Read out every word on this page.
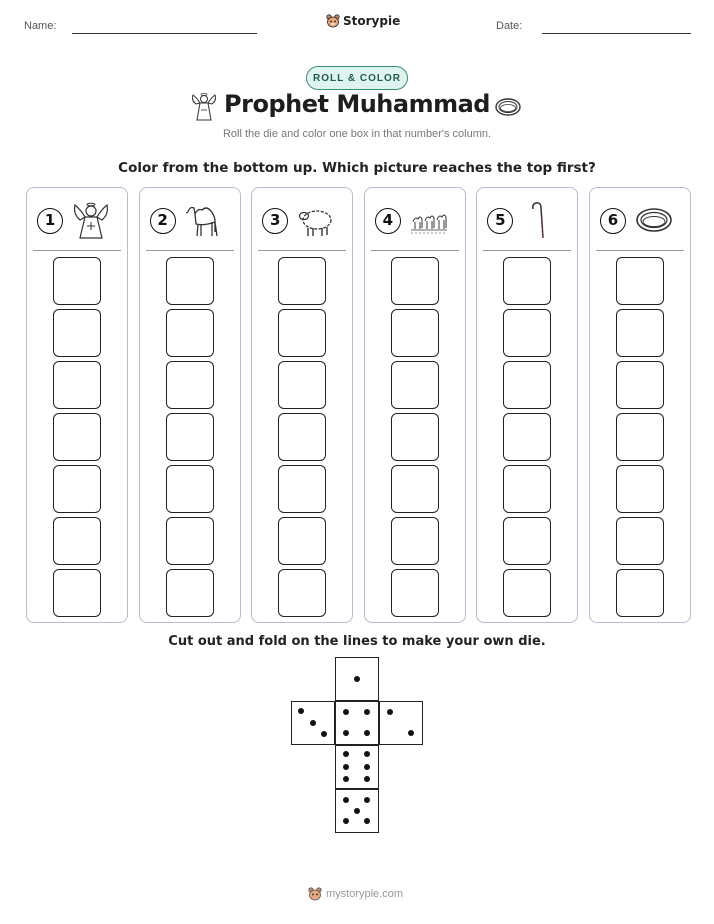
Name:	Date:
Storypie
ROLL & COLOR
Prophet Muhammad
Roll the die and color one box in that number's column.
Color from the bottom up. Which picture reaches the top first?
1	2	3	4	5	6
Cut out and fold on the lines to make your own die.
mystorypie.com
